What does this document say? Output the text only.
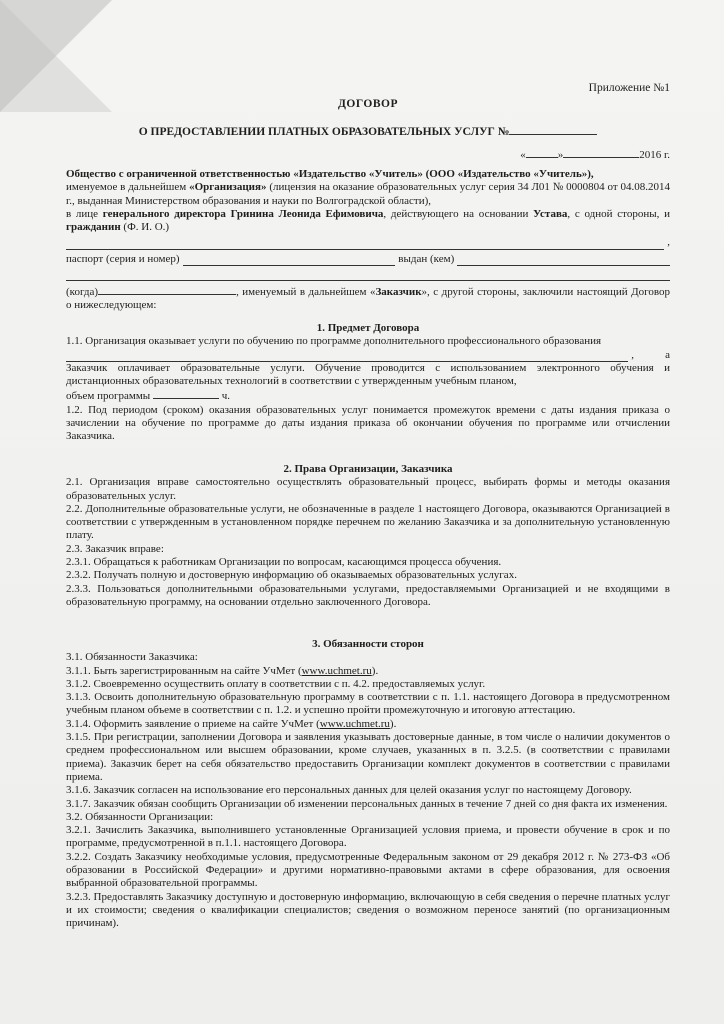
Приложение №1
ДОГОВОР
О ПРЕДОСТАВЛЕНИИ ПЛАТНЫХ ОБРАЗОВАТЕЛЬНЫХ УСЛУГ №
«	»	2016 г.

Общество с ограниченной ответственностью «Издательство «Учитель» (ООО «Издательство «Учитель»),

именуемое в дальнейшем «Организация» (лицензия на оказание образовательных услуг серия 34 Л01 № 0000804 от 04.08.2014 г., выданная Министерством образования и науки по Волгоградской области),

в лице генерального директора Гринина Леонида Ефимовича, действующего на основании Устава, с одной стороны, и гражданин (Ф. И. О.)

,
паспорт (серия и номер)	выдан (кем)

(когда)	, именуемый в дальнейшем «Заказчик», с другой стороны, заключили настоящий Договор о нижеследующем:

1. Предмет Договора

1.1. Организация оказывает услуги по обучению по программе дополнительного профессионального образования

,	а

Заказчик оплачивает образовательные услуги. Обучение проводится с использованием электронного обучения и дистанционных образовательных технологий в соответствии с утвержденным учебным планом,

объем программы	ч.

1.2. Под периодом (сроком) оказания образовательных услуг понимается промежуток времени с даты издания приказа о зачислении на обучение по программе до даты издания приказа об окончании обучения по программе или отчислении Заказчика.

2. Права Организации, Заказчика

2.1. Организация вправе самостоятельно осуществлять образовательный процесс, выбирать формы и методы оказания образовательных услуг.

2.2. Дополнительные образовательные услуги, не обозначенные в разделе 1 настоящего Договора, оказываются Организацией в соответствии с утвержденным в установленном порядке перечнем по желанию Заказчика и за дополнительную установленную плату.

2.3. Заказчик вправе:

2.3.1. Обращаться к работникам Организации по вопросам, касающимся процесса обучения.

2.3.2. Получать полную и достоверную информацию об оказываемых образовательных услугах.

2.3.3. Пользоваться дополнительными образовательными услугами, предоставляемыми Организацией и не входящими в образовательную программу, на основании отдельно заключенного Договора.

3. Обязанности сторон

3.1. Обязанности Заказчика:

3.1.1. Быть зарегистрированным на сайте УчМет (www.uchmet.ru).

3.1.2. Своевременно осуществить оплату в соответствии с п. 4.2. предоставляемых услуг.

3.1.3. Освоить дополнительную образовательную программу в соответствии с п. 1.1. настоящего Договора в предусмотренном учебным планом объеме в соответствии с п. 1.2. и успешно пройти промежуточную и итоговую аттестацию.

3.1.4. Оформить заявление о приеме на сайте УчМет (www.uchmet.ru).

3.1.5. При регистрации, заполнении Договора и заявления указывать достоверные данные, в том числе о наличии документов о среднем профессиональном или высшем образовании, кроме случаев, указанных в п. 3.2.5. (в соответствии с правилами приема). Заказчик берет на себя обязательство предоставить Организации комплект документов в соответствии с правилами приема.

3.1.6. Заказчик согласен на использование его персональных данных для целей оказания услуг по настоящему Договору.

3.1.7. Заказчик обязан сообщить Организации об изменении персональных данных в течение 7 дней со дня факта их изменения.

3.2. Обязанности Организации:

3.2.1. Зачислить Заказчика, выполнившего установленные Организацией условия приема, и провести обучение в срок и по программе, предусмотренной в п.1.1. настоящего Договора.

3.2.2. Создать Заказчику необходимые условия, предусмотренные Федеральным законом от 29 декабря 2012 г. № 273-ФЗ «Об образовании в Российской Федерации» и другими нормативно-правовыми актами в сфере образования, для освоения выбранной образовательной программы.

3.2.3. Предоставлять Заказчику доступную и достоверную информацию, включающую в себя сведения о перечне платных услуг и их стоимости; сведения о квалификации специалистов; сведения о возможном переносе занятий (по организационным причинам).
